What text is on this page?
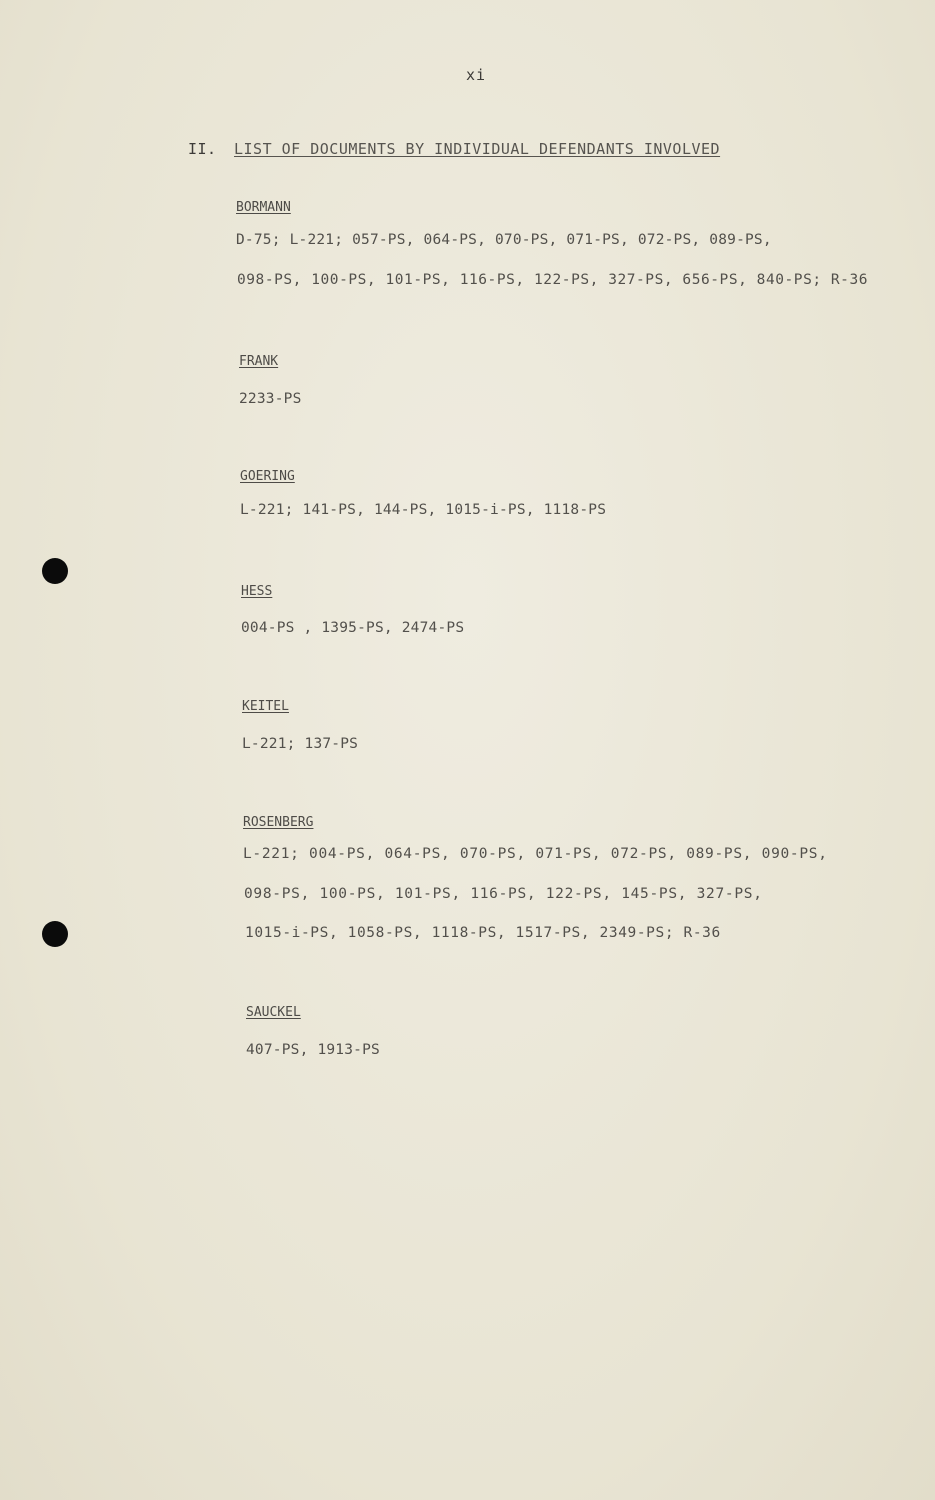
xi
II. LIST OF DOCUMENTS BY INDIVIDUAL DEFENDANTS INVOLVED
BORMANN
D-75; L-221; 057-PS, 064-PS, 070-PS, 071-PS, 072-PS, 089-PS,
098-PS, 100-PS, 101-PS, 116-PS, 122-PS, 327-PS, 656-PS, 840-PS; R-36
FRANK
2233-PS
GOERING
L-221; 141-PS, 144-PS, 1015-i-PS, 1118-PS
HESS
004-PS , 1395-PS, 2474-PS
KEITEL
L-221; 137-PS
ROSENBERG
L-221; 004-PS, 064-PS, 070-PS, 071-PS, 072-PS, 089-PS, 090-PS,
098-PS, 100-PS, 101-PS, 116-PS, 122-PS, 145-PS, 327-PS,
1015-i-PS, 1058-PS, 1118-PS, 1517-PS, 2349-PS; R-36
SAUCKEL
407-PS, 1913-PS
